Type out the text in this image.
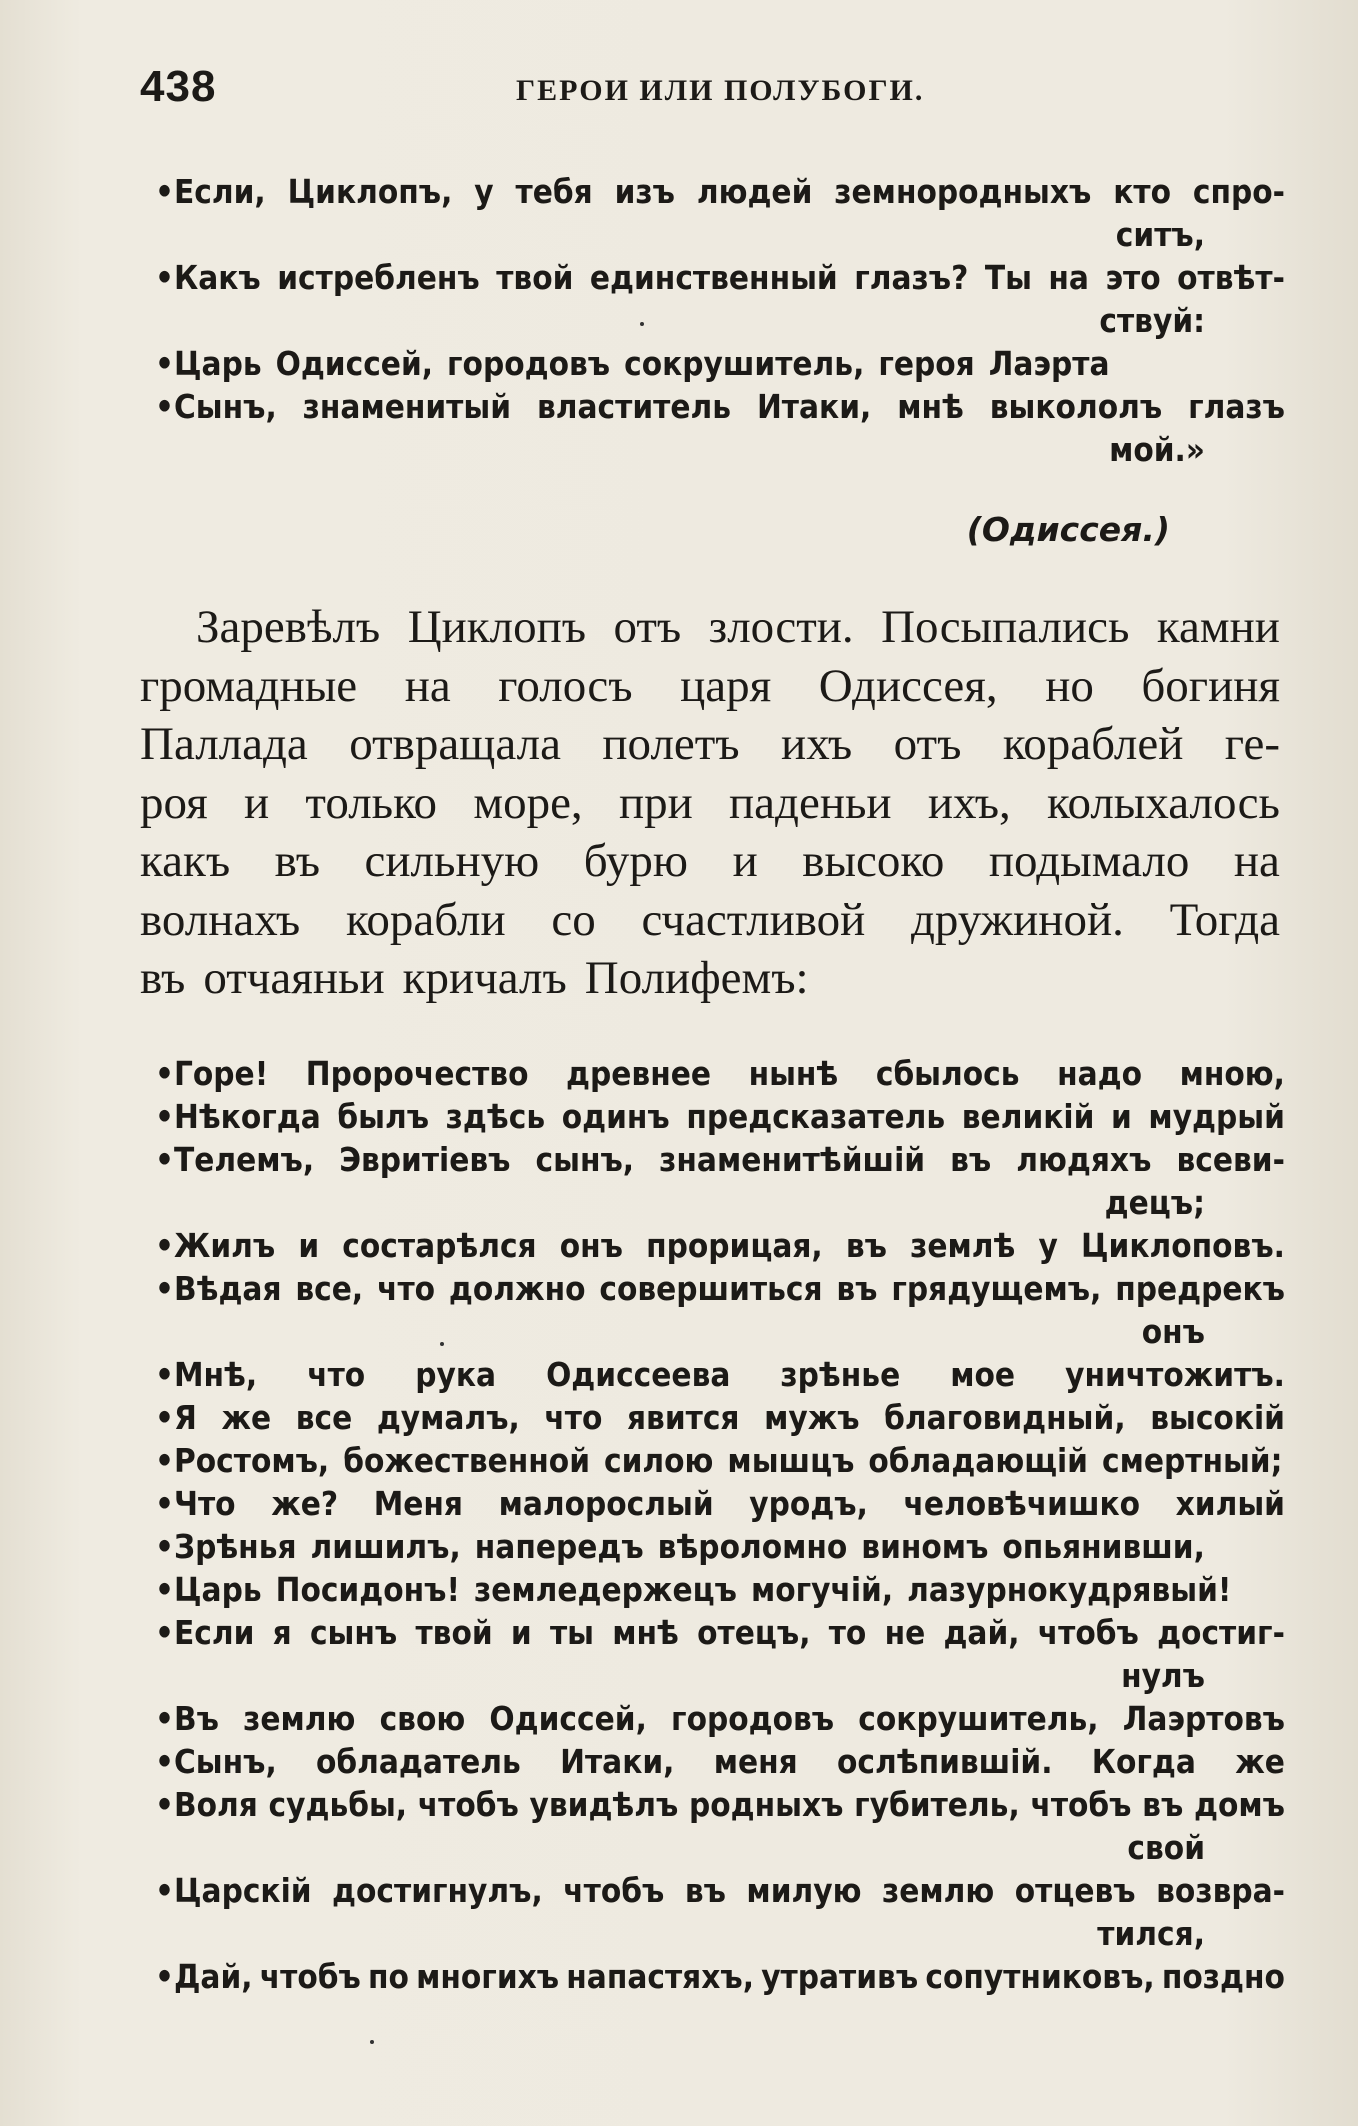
438	ГЕРОИ ИЛИ ПОЛУБОГИ.
•Если, Циклопъ, у тебя изъ людей земнородныхъ кто спро-
ситъ,
•Какъ истребленъ твой единственный глазъ? Ты на это отвѣт-
ствуй:
•Царь Одиссей, городовъ сокрушитель, героя Лаэрта
•Сынъ, знаменитый властитель Итаки, мнѣ выкололъ глазъ
мой.»
(Одиссея.)
Заревѣлъ Циклопъ отъ злости. Посыпались камни
громадные на голосъ царя Одиссея, но богиня
Паллада отвращала полетъ ихъ отъ кораблей ге-
роя и только море, при паденьи ихъ, колыхалось
какъ въ сильную бурю и высоко подымало на
волнахъ корабли со счастливой дружиной. Тогда
въ отчаяньи кричалъ Полифемъ:
•Горе! Пророчество древнее нынѣ сбылось надо мною,
•Нѣкогда былъ здѣсь одинъ предсказатель великій и мудрый
•Телемъ, Эвритіевъ сынъ, знаменитѣйшій въ людяхъ всеви-
децъ;
•Жилъ и состарѣлся онъ прорицая, въ землѣ у Циклоповъ.
•Вѣдая все, что должно совершиться въ грядущемъ, предрекъ
онъ
•Мнѣ, что рука Одиссеева зрѣнье мое уничтожитъ.
•Я же все думалъ, что явится мужъ благовидный, высокій
•Ростомъ, божественной силою мышцъ обладающій смертный;
•Что же? Меня малорослый уродъ, человѣчишко хилый
•Зрѣнья лишилъ, напередъ вѣроломно виномъ опьянивши,
•Царь Посидонъ! земледержецъ могучій, лазурнокудрявый!
•Если я сынъ твой и ты мнѣ отецъ, то не дай, чтобъ достиг-
нулъ
•Въ землю свою Одиссей, городовъ сокрушитель, Лаэртовъ
•Сынъ, обладатель Итаки, меня ослѣпившій. Когда же
•Воля судьбы, чтобъ увидѣлъ родныхъ губитель, чтобъ въ домъ
свой
•Царскій достигнулъ, чтобъ въ милую землю отцевъ возвра-
тился,
•Дай, чтобъ по многихъ напастяхъ, утративъ сопутниковъ, поздно
